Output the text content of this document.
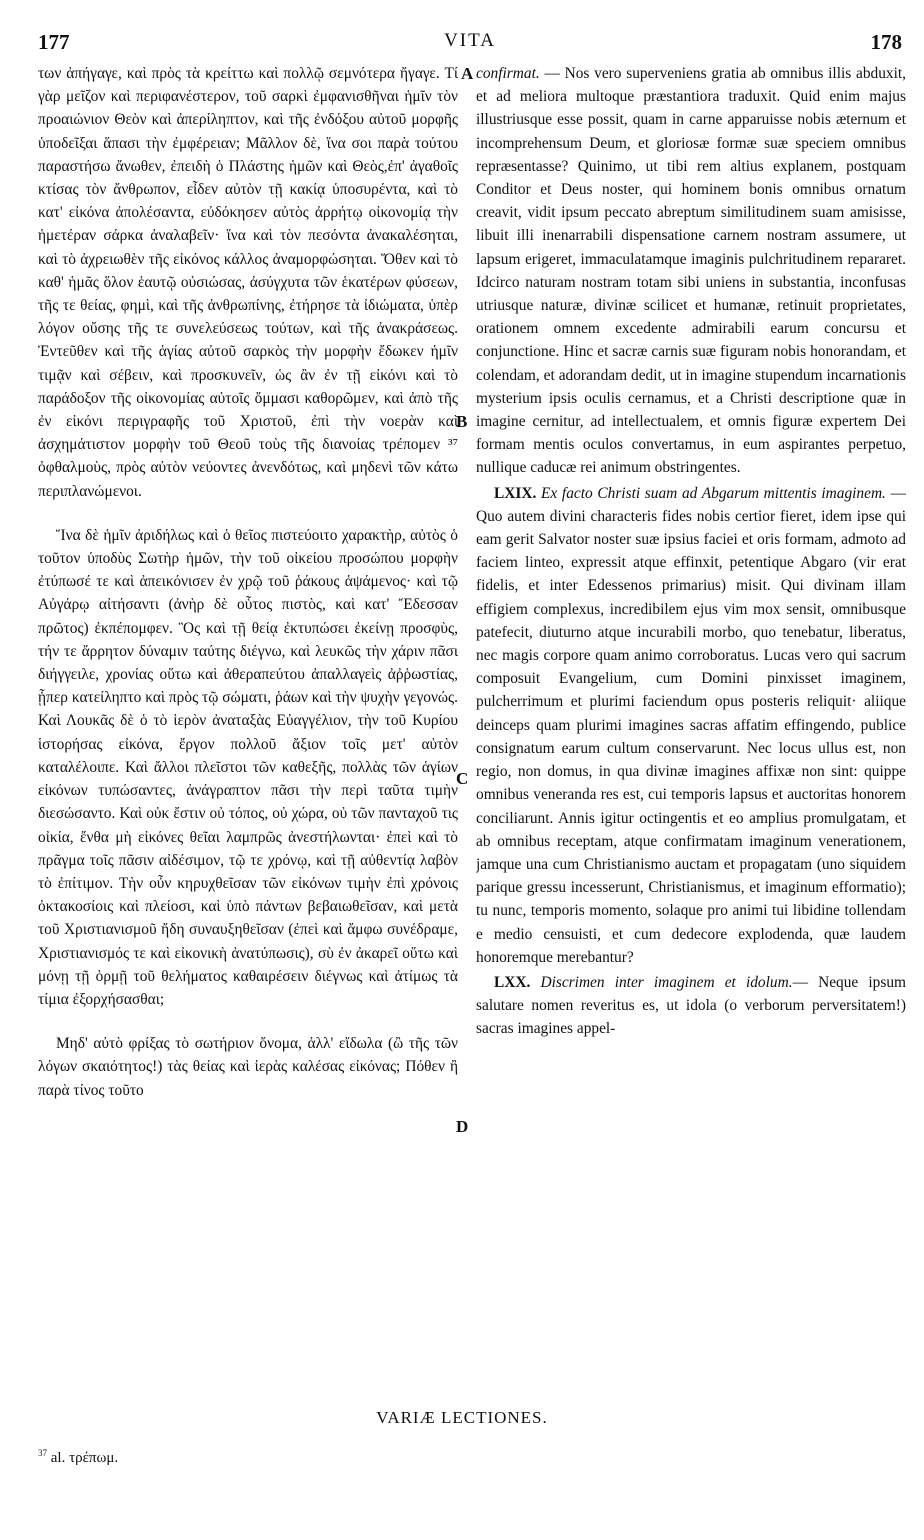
177	VITA	178

των ἀπήγαγε, καὶ πρὸς τὰ κρείττω καὶ πολλῷ σεμνότερα ἤγαγε. Τί γὰρ μεῖζον καὶ περιφανέστερον, τοῦ σαρκὶ ἐμφανισθῆναι ἡμῖν τὸν προαιώνιον Θεὸν καὶ ἀπερίληπτον, καὶ τῆς ἐνδόξου αὐτοῦ μορφῆς ὑποδεῖξαι ἅπασι τὴν ἐμφέρειαν; Μᾶλλον δὲ, ἵνα σοι παρὰ τούτου παραστήσω ἄνωθεν, ἐπειδὴ ὁ Πλάστης ἡμῶν καὶ Θεὸς,ἐπ' ἀγαθοῖς κτίσας τὸν ἄνθρωπον, εἶδεν αὐτὸν τῇ κακίᾳ ὑποσυρέντα, καὶ τὸ κατ' εἰκόνα ἀπολέσαντα, εὐδόκησεν αὐτὸς ἀρρήτῳ οἰκονομίᾳ τὴν ἡμετέραν σάρκα ἀναλαβεῖν· ἵνα καὶ τὸν πεσόντα ἀνακαλέσηται, καὶ τὸ ἀχρειωθὲν τῆς εἰκόνος κάλλος ἀναμορφώσηται. Ὅθεν καὶ τὸ καθ' ἡμᾶς ὅλον ἑαυτῷ οὐσιώσας, ἀσύγχυτα τῶν ἑκατέρων φύσεων, τῆς τε θείας, φημὶ, καὶ τῆς ἀνθρωπίνης, ἐτήρησε τὰ ἰδιώματα, ὑπὲρ λόγον οὔσης τῆς τε συνελεύσεως τούτων, καὶ τῆς ἀνακράσεως. Ἐντεῦθεν καὶ τῆς ἁγίας αὐτοῦ σαρκὸς τὴν μορφὴν ἔδωκεν ἡμῖν τιμᾷν καὶ σέβειν, καὶ προσκυνεῖν, ὡς ἂν ἐν τῇ εἰκόνι καὶ τὸ παράδοξον τῆς οἰκονομίας αὐτοῖς ὄμμασι καθορῶμεν, καὶ ἀπὸ τῆς ἐν εἰκόνι περιγραφῆς τοῦ Χριστοῦ, ἐπὶ τὴν νοερὰν καὶ ἀσχημάτιστον μορφὴν τοῦ Θεοῦ τοὺς τῆς διανοίας τρέπομεν ³⁷ ὀφθαλμοὺς, πρὸς αὐτὸν νεύοντες ἀνενδότως, καὶ μηδενὶ τῶν κάτω περιπλανώμενοι.

Ἵνα δὲ ἡμῖν ἀριδήλως καὶ ὁ θεῖος πιστεύοιτο χαρακτὴρ, αὐτὸς ὁ τοῦτον ὑποδὺς Σωτὴρ ἡμῶν, τὴν τοῦ οἰκείου προσώπου μορφὴν ἐτύπωσέ τε καὶ ἀπεικόνισεν ἐν χρῷ τοῦ ῥάκους ἁψάμενος· καὶ τῷ Αὐγάρῳ αἰτήσαντι (ἀνὴρ δὲ οὗτος πιστὸς, καὶ κατ' Ἔδεσσαν πρῶτος) ἐκπέπομφεν. Ὃς καὶ τῇ θείᾳ ἐκτυπώσει ἐκείνῃ προσφὺς, τήν τε ἄρρητον δύναμιν ταύτης διέγνω, καὶ λευκῶς τὴν χάριν πᾶσι διήγγειλε, χρονίας οὕτω καὶ ἀθεραπεύτου ἀπαλλαγεὶς ἀῤῥωστίας, ᾗπερ κατείληπτο καὶ πρὸς τῷ σώματι, ῥάων καὶ τὴν ψυχὴν γεγονώς. Καὶ Λουκᾶς δὲ ὁ τὸ ἱερὸν ἀναταξὰς Εὐαγγέλιον, τὴν τοῦ Κυρίου ἱστορήσας εἰκόνα, ἔργον πολλοῦ ἄξιον τοῖς μετ' αὐτὸν καταλέλοιπε. Καὶ ἄλλοι πλεῖστοι τῶν καθεξῆς, πολλὰς τῶν ἁγίων εἰκόνων τυπώσαντες, ἀνάγραπτον πᾶσι τὴν περὶ ταῦτα τιμὴν διεσώσαντο. Καὶ οὐκ ἔστιν οὐ τόπος, οὐ χώρα, οὐ τῶν πανταχοῦ τις οἰκία, ἔνθα μὴ εἰκόνες θεῖαι λαμπρῶς ἀνεστήλωνται· ἐπεὶ καὶ τὸ πρᾶγμα τοῖς πᾶσιν αἰδέσιμον, τῷ τε χρόνῳ, καὶ τῇ αὐθεντίᾳ λαβὸν τὸ ἐπίτιμον. Τὴν οὖν κηρυχθεῖσαν τῶν εἰκόνων τιμὴν ἐπὶ χρόνοις ὀκτακοσίοις καὶ πλείοσι, καὶ ὑπὸ πάντων βεβαιωθεῖσαν, καὶ μετὰ τοῦ Χριστιανισμοῦ ἤδη συναυξηθεῖσαν (ἐπεὶ καὶ ἄμφω συνέδραμε, Χριστιανισμός τε καὶ εἰκονικὴ ἀνατύπωσις), σὺ ἐν ἀκαρεῖ οὕτω καὶ μόνῃ τῇ ὁρμῇ τοῦ θελήματος καθαιρέσειν διέγνως καὶ ἀτίμως τὰ τίμια ἐξορχήσασθαι;

Μηδ' αὐτὸ φρίξας τὸ σωτήριον ὄνομα, ἀλλ' εἴδωλα (ὢ τῆς τῶν λόγων σκαιότητος!) τὰς θείας καὶ ἱερὰς καλέσας εἰκόνας; Πόθεν ἢ παρὰ τίνος τοῦτο

A
B
C
D

confirmat. — Nos vero superveniens gratia ab omnibus illis abduxit, et ad meliora multoque præstantiora traduxit. Quid enim majus illustriusque esse possit, quam in carne apparuisse nobis æternum et incomprehensum Deum, et gloriosæ formæ suæ speciem omnibus repræsentasse? Quinimo, ut tibi rem altius explanem, postquam Conditor et Deus noster, qui hominem bonis omnibus ornatum creavit, vidit ipsum peccato abreptum similitudinem suam amisisse, libuit illi inenarrabili dispensatione carnem nostram assumere, ut lapsum erigeret, immaculatamque imaginis pulchritudinem repararet. Idcirco naturam nostram totam sibi uniens in substantia, inconfusas utriusque naturæ, divinæ scilicet et humanæ, retinuit proprietates, orationem omnem excedente admirabili earum concursu et conjunctione. Hinc et sacræ carnis suæ figuram nobis honorandam, et colendam, et adorandam dedit, ut in imagine stupendum incarnationis mysterium ipsis oculis cernamus, et a Christi descriptione quæ in imagine cernitur, ad intellectualem, et omnis figuræ expertem Dei formam mentis oculos convertamus, in eum aspirantes perpetuo, nullique caducæ rei animum obstringentes.

LXIX. Ex facto Christi suam ad Abgarum mittentis imaginem. — Quo autem divini characteris fides nobis certior fieret, idem ipse qui eam gerit Salvator noster suæ ipsius faciei et oris formam, admoto ad faciem linteo, expressit atque effinxit, petentique Abgaro (vir erat fidelis, et inter Edessenos primarius) misit. Qui divinam illam effigiem complexus, incredibilem ejus vim mox sensit, omnibusque patefecit, diuturno atque incurabili morbo, quo tenebatur, liberatus, nec magis corpore quam animo corroboratus. Lucas vero qui sacrum composuit Evangelium, cum Domini pinxisset imaginem, pulcherrimum et plurimi faciendum opus posteris reliquit· aliique deinceps quam plurimi imagines sacras affatim effingendo, publice consignatum earum cultum conservarunt. Nec locus ullus est, non regio, non domus, in qua divinæ imagines affixæ non sint: quippe omnibus veneranda res est, cui temporis lapsus et auctoritas honorem conciliarunt. Annis igitur octingentis et eo amplius promulgatam, et ab omnibus receptam, atque confirmatam imaginum venerationem, jamque una cum Christianismo auctam et propagatam (uno siquidem parique gressu incesserunt, Christianismus, et imaginum efformatio); tu nunc, temporis momento, solaque pro animi tui libidine tollendam e medio censuisti, et cum dedecore explodenda, quæ laudem honoremque merebantur?

LXX. Discrimen inter imaginem et idolum.— Neque ipsum salutare nomen reveritus es, ut idola (o verborum perversitatem!) sacras imagines appel-

VARIÆ LECTIONES.
$^{37}$ al. τρέπωμ.
